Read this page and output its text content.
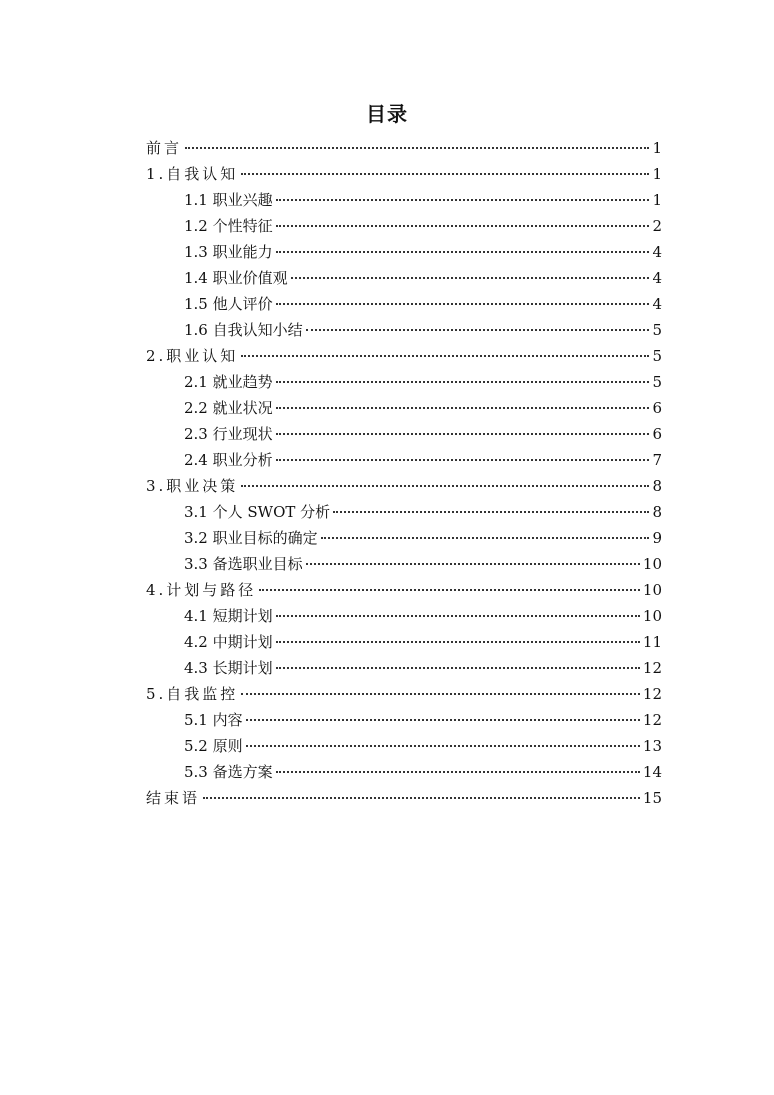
目录
前言	1
1.自我认知	1
1.1 职业兴趣	1
1.2 个性特征	2
1.3 职业能力	4
1.4 职业价值观	4
1.5 他人评价	4
1.6 自我认知小结	5
2.职业认知	5
2.1 就业趋势	5
2.2 就业状况	6
2.3 行业现状	6
2.4 职业分析	7
3.职业决策	8
3.1 个人 SWOT 分析	8
3.2 职业目标的确定	9
3.3 备选职业目标	10
4.计划与路径	10
4.1 短期计划	10
4.2 中期计划	11
4.3 长期计划	12
5.自我监控	12
5.1 内容	12
5.2 原则	13
5.3 备选方案	14
结束语	15
